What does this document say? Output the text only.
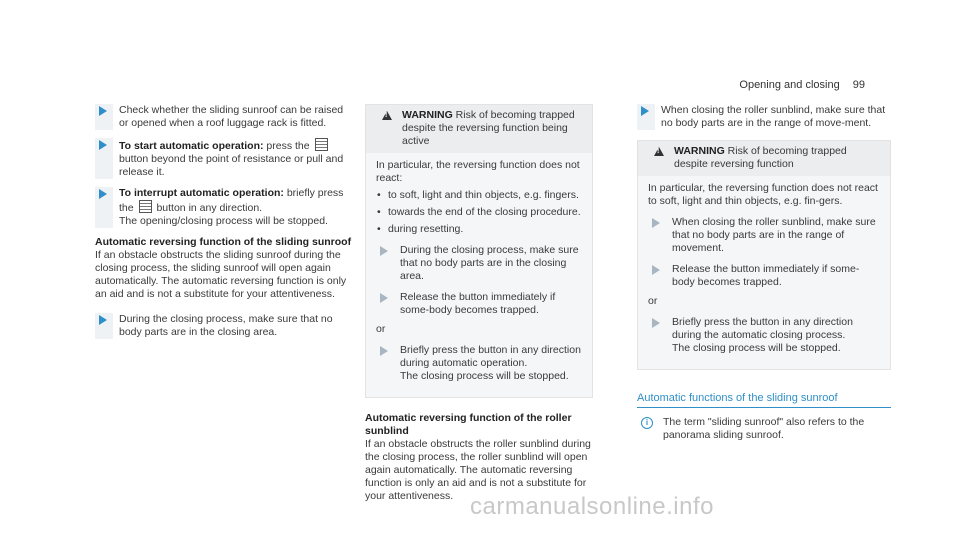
Opening and closing 99
Check whether the sliding sunroof can be raised or opened when a roof luggage rack is fitted.
To start automatic operation: press the  button beyond the point of resistance or pull and release it.
To interrupt automatic operation: briefly press the button in any direction.
The opening/closing process will be stopped.
Automatic reversing function of the sliding sunroof

If an obstacle obstructs the sliding sunroof during the closing process, the sliding sunroof will open again automatically. The automatic reversing function is only an aid and is not a substitute for your attentiveness.

During the closing process, make sure that no body parts are in the closing area.
!
WARNING Risk of becoming trapped despite the reversing function being active

In particular, the reversing function does not react:

• to soft, light and thin objects, e.g. fingers.
• towards the end of the closing procedure.
• during resetting.
During the closing process, make sure that no body parts are in the closing area.
Release the button immediately if some-body becomes trapped.
or
Briefly press the button in any direction during automatic operation.
The closing process will be stopped.
Automatic reversing function of the roller sunblind

If an obstacle obstructs the roller sunblind during the closing process, the roller sunblind will open again automatically. The automatic reversing function is only an aid and is not a substitute for your attentiveness.

When closing the roller sunblind, make sure that no body parts are in the range of move-ment.
!
WARNING Risk of becoming trapped despite reversing function

In particular, the reversing function does not react to soft, light and thin objects, e.g. fin-gers.

When closing the roller sunblind, make sure that no body parts are in the range of movement.
Release the button immediately if some-body becomes trapped.
or
Briefly press the button in any direction during the automatic closing process.
The closing process will be stopped.
Automatic functions of the sliding sunroof
i	The term "sliding sunroof" also refers to the panorama sliding sunroof.
carmanualsonline.info
